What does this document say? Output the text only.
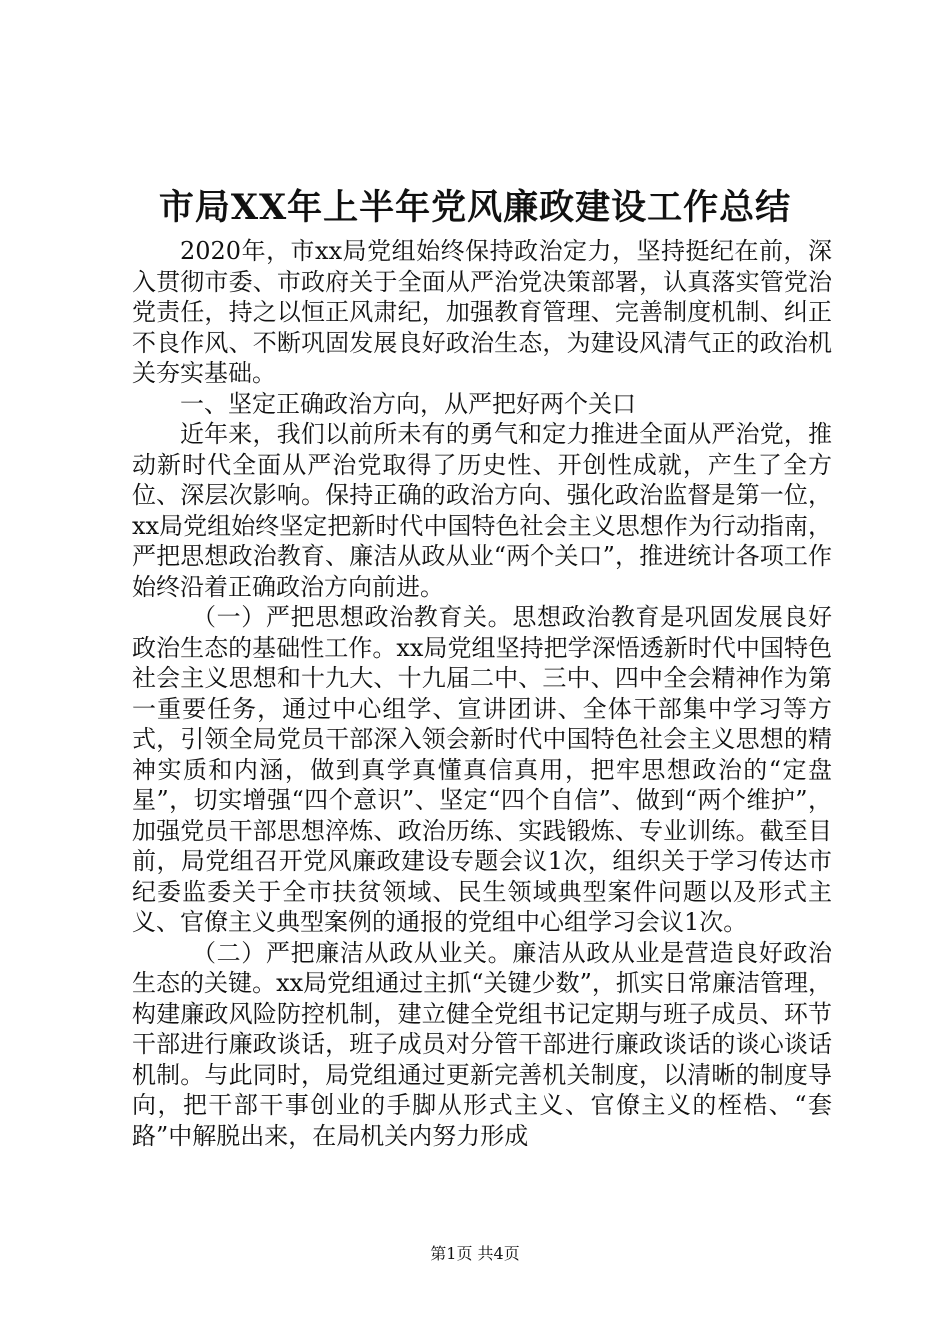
市局XX年上半年党风廉政建设工作总结

2020年，市xx局党组始终保持政治定力，坚持挺纪在前，深入贯彻市委、市政府关于全面从严治党决策部署，认真落实管党治党责任，持之以恒正风肃纪，加强教育管理、完善制度机制、纠正不良作风、不断巩固发展良好政治生态，为建设风清气正的政治机关夯实基础。

一、坚定正确政治方向，从严把好两个关口

近年来，我们以前所未有的勇气和定力推进全面从严治党，推动新时代全面从严治党取得了历史性、开创性成就，产生了全方位、深层次影响。保持正确的政治方向、强化政治监督是第一位，xx局党组始终坚定把新时代中国特色社会主义思想作为行动指南，严把思想政治教育、廉洁从政从业“两个关口”，推进统计各项工作始终沿着正确政治方向前进。

（一）严把思想政治教育关。思想政治教育是巩固发展良好政治生态的基础性工作。xx局党组坚持把学深悟透新时代中国特色社会主义思想和十九大、十九届二中、三中、四中全会精神作为第一重要任务，通过中心组学、宣讲团讲、全体干部集中学习等方式，引领全局党员干部深入领会新时代中国特色社会主义思想的精神实质和内涵，做到真学真懂真信真用，把牢思想政治的“定盘星”，切实增强“四个意识”、坚定“四个自信”、做到“两个维护”，加强党员干部思想淬炼、政治历练、实践锻炼、专业训练。截至目前，局党组召开党风廉政建设专题会议1次，组织关于学习传达市纪委监委关于全市扶贫领域、民生领域典型案件问题以及形式主义、官僚主义典型案例的通报的党组中心组学习会议1次。

（二）严把廉洁从政从业关。廉洁从政从业是营造良好政治生态的关键。xx局党组通过主抓“关键少数”，抓实日常廉洁管理，构建廉政风险防控机制，建立健全党组书记定期与班子成员、环节干部进行廉政谈话，班子成员对分管干部进行廉政谈话的谈心谈话机制。与此同时，局党组通过更新完善机关制度，以清晰的制度导向，把干部干事创业的手脚从形式主义、官僚主义的桎梏、“套路”中解脱出来，在局机关内努力形成

第1页 共4页
